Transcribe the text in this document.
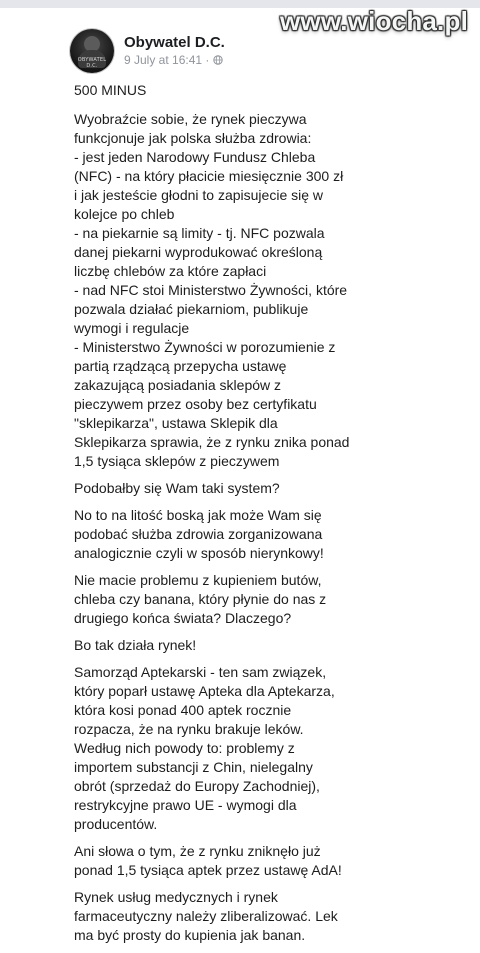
www.wiocha.pl
OBYWATEL D.C.
Obywatel D.C.
9 July at 16:41 ·
500 MINUS

Wyobraźcie sobie, że rynek pieczywa
funkcjonuje jak polska służba zdrowia:
- jest jeden Narodowy Fundusz Chleba
(NFC) - na który płacicie miesięcznie 300 zł
i jak jesteście głodni to zapisujecie się w
kolejce po chleb
- na piekarnie są limity - tj. NFC pozwala
danej piekarni wyprodukować określoną
liczbę chlebów za które zapłaci
- nad NFC stoi Ministerstwo Żywności, które
pozwala działać piekarniom, publikuje
wymogi i regulacje
- Ministerstwo Żywności w porozumienie z
partią rządzącą przepycha ustawę
zakazującą posiadania sklepów z
pieczywem przez osoby bez certyfikatu
"sklepikarza", ustawa Sklepik dla
Sklepikarza sprawia, że z rynku znika ponad
1,5 tysiąca sklepów z pieczywem

Podobałby się Wam taki system?

No to na litość boską jak może Wam się
podobać służba zdrowia zorganizowana
analogicznie czyli w sposób nierynkowy!

Nie macie problemu z kupieniem butów,
chleba czy banana, który płynie do nas z
drugiego końca świata? Dlaczego?

Bo tak działa rynek!

Samorząd Aptekarski - ten sam związek,
który poparł ustawę Apteka dla Aptekarza,
która kosi ponad 400 aptek rocznie
rozpacza, że na rynku brakuje leków.
Według nich powody to: problemy z
importem substancji z Chin, nielegalny
obrót (sprzedaż do Europy Zachodniej),
restrykcyjne prawo UE - wymogi dla
producentów.

Ani słowa o tym, że z rynku zniknęło już
ponad 1,5 tysiąca aptek przez ustawę AdA!

Rynek usług medycznych i rynek
farmaceutyczny należy zliberalizować. Lek
ma być prosty do kupienia jak banan.
